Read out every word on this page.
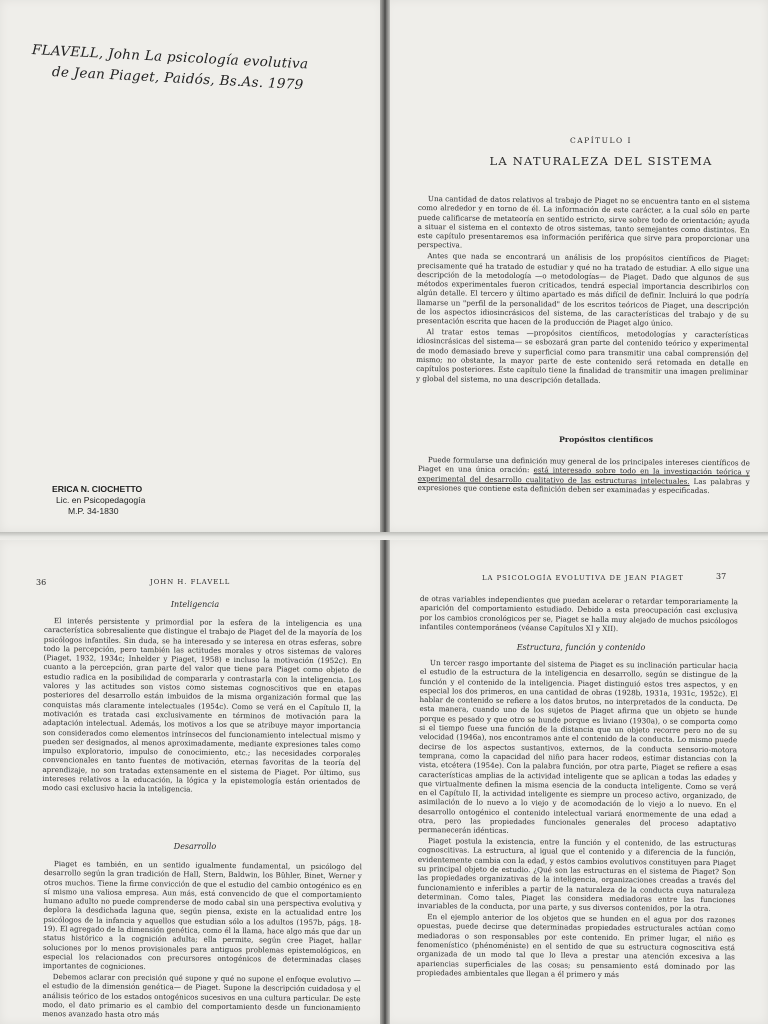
FLAVELL, John La psicología evolutiva
de Jean Piaget, Paidós, Bs.As. 1979
ERICA N. CIOCHETTO
Lic. en Psicopedagogía
M.P. 34-1830
CAPÍTULO I
LA NATURALEZA DEL SISTEMA

Una cantidad de datos relativos al trabajo de Piaget no se encuentra tanto en el sistema como alrededor y en torno de él. La información de este carácter, a la cual sólo en parte puede calificarse de metateoría en sentido estricto, sirve sobre todo de orientación; ayuda a situar el sistema en el contexto de otros sistemas, tanto semejantes como distintos. En este capítulo presentaremos esa información periférica que sirve para proporcionar una perspectiva.

Antes que nada se encontrará un análisis de los propósitos científicos de Piaget: precisamente qué ha tratado de estudiar y qué no ha tratado de estudiar. A ello sigue una descripción de la metodología —o metodologías— de Piaget. Dado que algunos de sus métodos experimentales fueron criticados, tendrá especial importancia describirlos con algún detalle. El tercero y último apartado es más difícil de definir. Incluirá lo que podría llamarse un "perfil de la personalidad" de los escritos teóricos de Piaget, una descripción de los aspectos idiosincrásicos del sistema, de las características del trabajo y de su presentación escrita que hacen de la producción de Piaget algo único.

Al tratar estos temas —propósitos científicos, metodologías y características idiosincrásicas del sistema— se esbozará gran parte del contenido teórico y experimental de modo demasiado breve y superficial como para transmitir una cabal comprensión del mismo; no obstante, la mayor parte de este contenido será retomada en detalle en capítulos posteriores. Este capítulo tiene la finalidad de transmitir una imagen preliminar y global del sistema, no una descripción detallada.

Propósitos científicos

Puede formularse una definición muy general de los principales intereses científicos de Piaget en una única oración: está interesado sobre todo en la investigación teórica y experimental del desarrollo cualitativo de las estructuras intelectuales. Las palabras y expresiones que contiene esta definición deben ser examinadas y especificadas.

36	JOHN H. FLAVELL
Inteligencia

El interés persistente y primordial por la esfera de la inteligencia es una característica sobresaliente que distingue el trabajo de Piaget del de la mayoría de los psicólogos infantiles. Sin duda, se ha interesado y se interesa en otras esferas, sobre todo la percepción, pero también las actitudes morales y otros sistemas de valores (Piaget, 1932, 1934c; Inhelder y Piaget, 1958) e incluso la motivación (1952c). En cuanto a la percepción, gran parte del valor que tiene para Piaget como objeto de estudio radica en la posibilidad de compararla y contrastarla con la inteligencia. Los valores y las actitudes son vistos como sistemas cognoscitivos que en etapas posteriores del desarrollo están imbuidos de la misma organización formal que las conquistas más claramente intelectuales (1954c). Como se verá en el Capítulo II, la motivación es tratada casi exclusivamente en términos de motivación para la adaptación intelectual. Además, los motivos a los que se atribuye mayor importancia son considerados como elementos intrínsecos del funcionamiento intelectual mismo y pueden ser designados, al menos aproximadamente, mediante expresiones tales como impulso exploratorio, impulso de conocimiento, etc.; las necesidades corporales convencionales en tanto fuentes de motivación, eternas favoritas de la teoría del aprendizaje, no son tratadas extensamente en el sistema de Piaget. Por último, sus intereses relativos a la educación, la lógica y la epistemología están orientados de modo casi exclusivo hacia la inteligencia.

Desarrollo

Piaget es también, en un sentido igualmente fundamental, un psicólogo del desarrollo según la gran tradición de Hall, Stern, Baldwin, los Bühler, Binet, Werner y otros muchos. Tiene la firme convicción de que el estudio del cambio ontogénico es en sí mismo una valiosa empresa. Aun más, está convencido de que el comportamiento humano adulto no puede comprenderse de modo cabal sin una perspectiva evolutiva y deplora la desdichada laguna que, según piensa, existe en la actualidad entre los psicólogos de la infancia y aquellos que estudian sólo a los adultos (1957b, págs. 18-19). El agregado de la dimensión genética, como él la llama, hace algo más que dar un status histórico a la cognición adulta; ella permite, según cree Piaget, hallar soluciones por lo menos provisionales para antiguos problemas epistemológicos, en especial los relacionados con precursores ontogénicos de determinadas clases importantes de cogniciones.

Debemos aclarar con precisión qué supone y qué no supone el enfoque evolutivo —el estudio de la dimensión genética— de Piaget. Supone la descripción cuidadosa y el análisis teórico de los estados ontogénicos sucesivos en una cultura particular. De este modo, el dato primario es el cambio del comportamiento desde un funcionamiento menos avanzado hasta otro más

LA PSICOLOGÍA EVOLUTIVA DE JEAN PIAGET	37

de otras variables independientes que puedan acelerar o retardar temporariamente la aparición del comportamiento estudiado. Debido a esta preocupación casi exclusiva por los cambios cronológicos per se, Piaget se halla muy alejado de muchos psicólogos infantiles contemporáneos (véanse Capítulos XI y XII).

Estructura, función y contenido

Un tercer rasgo importante del sistema de Piaget es su inclinación particular hacia el estudio de la estructura de la inteligencia en desarrollo, según se distingue de la función y el contenido de la inteligencia. Piaget distinguió estos tres aspectos, y en especial los dos primeros, en una cantidad de obras (1928b, 1931a, 1931c, 1952c). El hablar de contenido se refiere a los datos brutos, no interpretados de la conducta. De esta manera, cuando uno de los sujetos de Piaget afirma que un objeto se hunde porque es pesado y que otro se hunde porque es liviano (1930a), o se comporta como si el tiempo fuese una función de la distancia que un objeto recorre pero no de su velocidad (1946a), nos encontramos ante el contenido de la conducta. Lo mismo puede decirse de los aspectos sustantivos, externos, de la conducta sensorio-motora temprana, como la capacidad del niño para hacer rodeos, estimar distancias con la vista, etcétera (1954e). Con la palabra función, por otra parte, Piaget se refiere a esas características amplias de la actividad inteligente que se aplican a todas las edades y que virtualmente definen la misma esencia de la conducta inteligente. Como se verá en el Capítulo II, la actividad inteligente es siempre un proceso activo, organizado, de asimilación de lo nuevo a lo viejo y de acomodación de lo viejo a lo nuevo. En el desarrollo ontogénico el contenido intelectual variará enormemente de una edad a otra, pero las propiedades funcionales generales del proceso adaptativo permanecerán idénticas.

Piaget postula la existencia, entre la función y el contenido, de las estructuras cognoscitivas. La estructura, al igual que el contenido y a diferencia de la función, evidentemente cambia con la edad, y estos cambios evolutivos constituyen para Piaget su principal objeto de estudio. ¿Qué son las estructuras en el sistema de Piaget? Son las propiedades organizativas de la inteligencia, organizaciones creadas a través del funcionamiento e inferibles a partir de la naturaleza de la conducta cuya naturaleza determinan. Como tales, Piaget las considera mediadoras entre las funciones invariables de la conducta, por una parte, y sus diversos contenidos, por la otra.

En el ejemplo anterior de los objetos que se hunden en el agua por dos razones opuestas, puede decirse que determinadas propiedades estructurales actúan como mediadoras o son responsables por este contenido. En primer lugar, el niño es fenomenístico (phénoméniste) en el sentido de que su estructura cognoscitiva está organizada de un modo tal que lo lleva a prestar una atención excesiva a las apariencias superficiales de las cosas; su pensamiento está dominado por las propiedades ambientales que llegan a él primero y más
